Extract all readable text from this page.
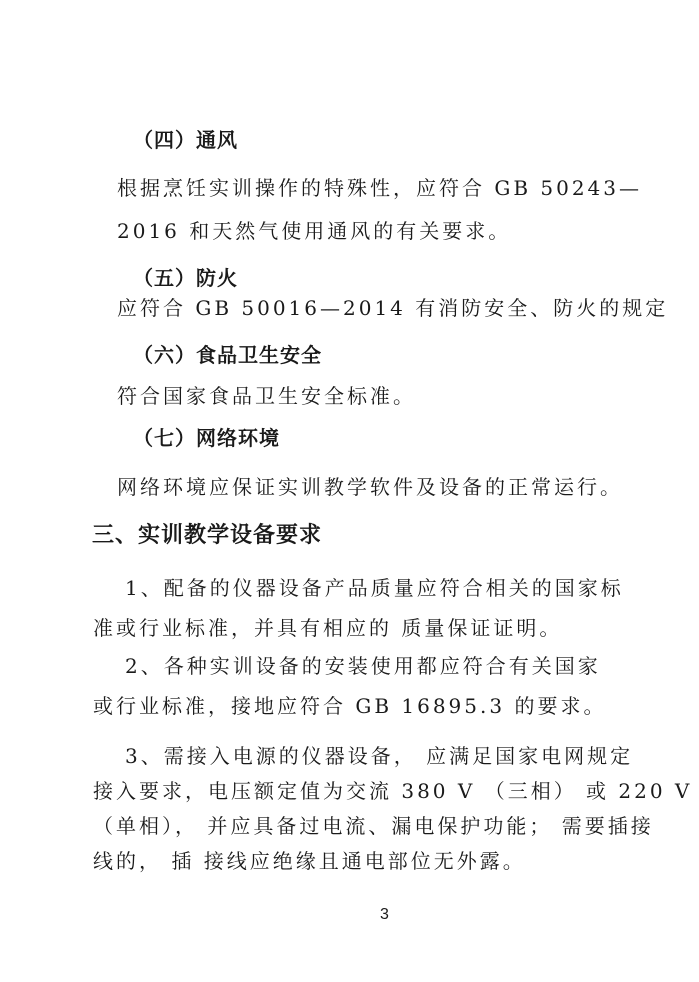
（四）通风
根据烹饪实训操作的特殊性，应符合 GB 50243—
2016 和天然气使用通风的有关要求。
（五）防火
应符合 GB 50016—2014 有消防安全、防火的规定
（六）食品卫生安全
符合国家食品卫生安全标准。
（七）网络环境
网络环境应保证实训教学软件及设备的正常运行。
三、实训教学设备要求
1、配备的仪器设备产品质量应符合相关的国家标
准或行业标准，并具有相应的 质量保证证明。
2、各种实训设备的安装使用都应符合有关国家
或行业标准，接地应符合 GB 16895.3 的要求。
3、需接入电源的仪器设备， 应满足国家电网规定
接入要求，电压额定值为交流 380 V （三相） 或 220 V
（单相）， 并应具备过电流、漏电保护功能； 需要插接
线的， 插 接线应绝缘且通电部位无外露。
3
